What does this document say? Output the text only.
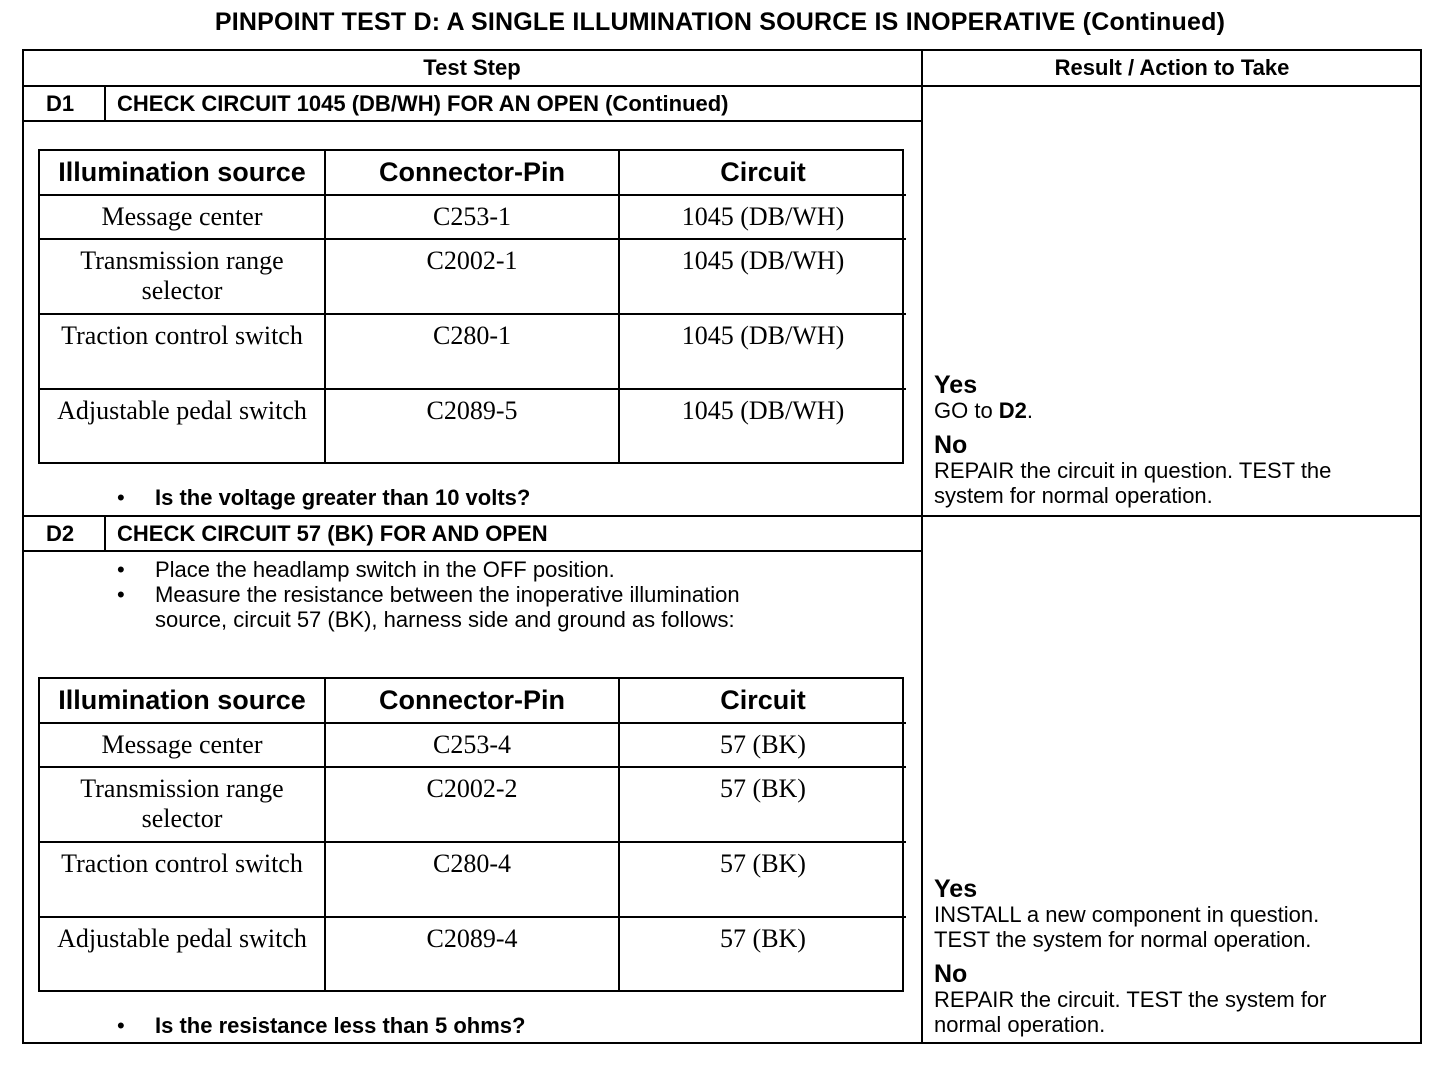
PINPOINT TEST D: A SINGLE ILLUMINATION SOURCE IS INOPERATIVE (Continued)
Test Step	Result / Action to Take
D1 CHECK CIRCUIT 1045 (DB/WH) FOR AN OPEN (Continued)
Illumination source	Connector-Pin	Circuit
Message center	C253-1	1045 (DB/WH)
Transmission range selector	C2002-1	1045 (DB/WH)
Traction control switch	C280-1	1045 (DB/WH)
Adjustable pedal switch	C2089-5	1045 (DB/WH)
• Is the voltage greater than 10 volts?
Yes
GO to D2.
No
REPAIR the circuit in question. TEST the
system for normal operation.
D2 CHECK CIRCUIT 57 (BK) FOR AND OPEN
• Place the headlamp switch in the OFF position.
• Measure the resistance between the inoperative illumination
source, circuit 57 (BK), harness side and ground as follows:
Illumination source	Connector-Pin	Circuit
Message center	C253-4	57 (BK)
Transmission range selector	C2002-2	57 (BK)
Traction control switch	C280-4	57 (BK)
Adjustable pedal switch	C2089-4	57 (BK)
• Is the resistance less than 5 ohms?
Yes
INSTALL a new component in question.
TEST the system for normal operation.
No
REPAIR the circuit. TEST the system for
normal operation.
